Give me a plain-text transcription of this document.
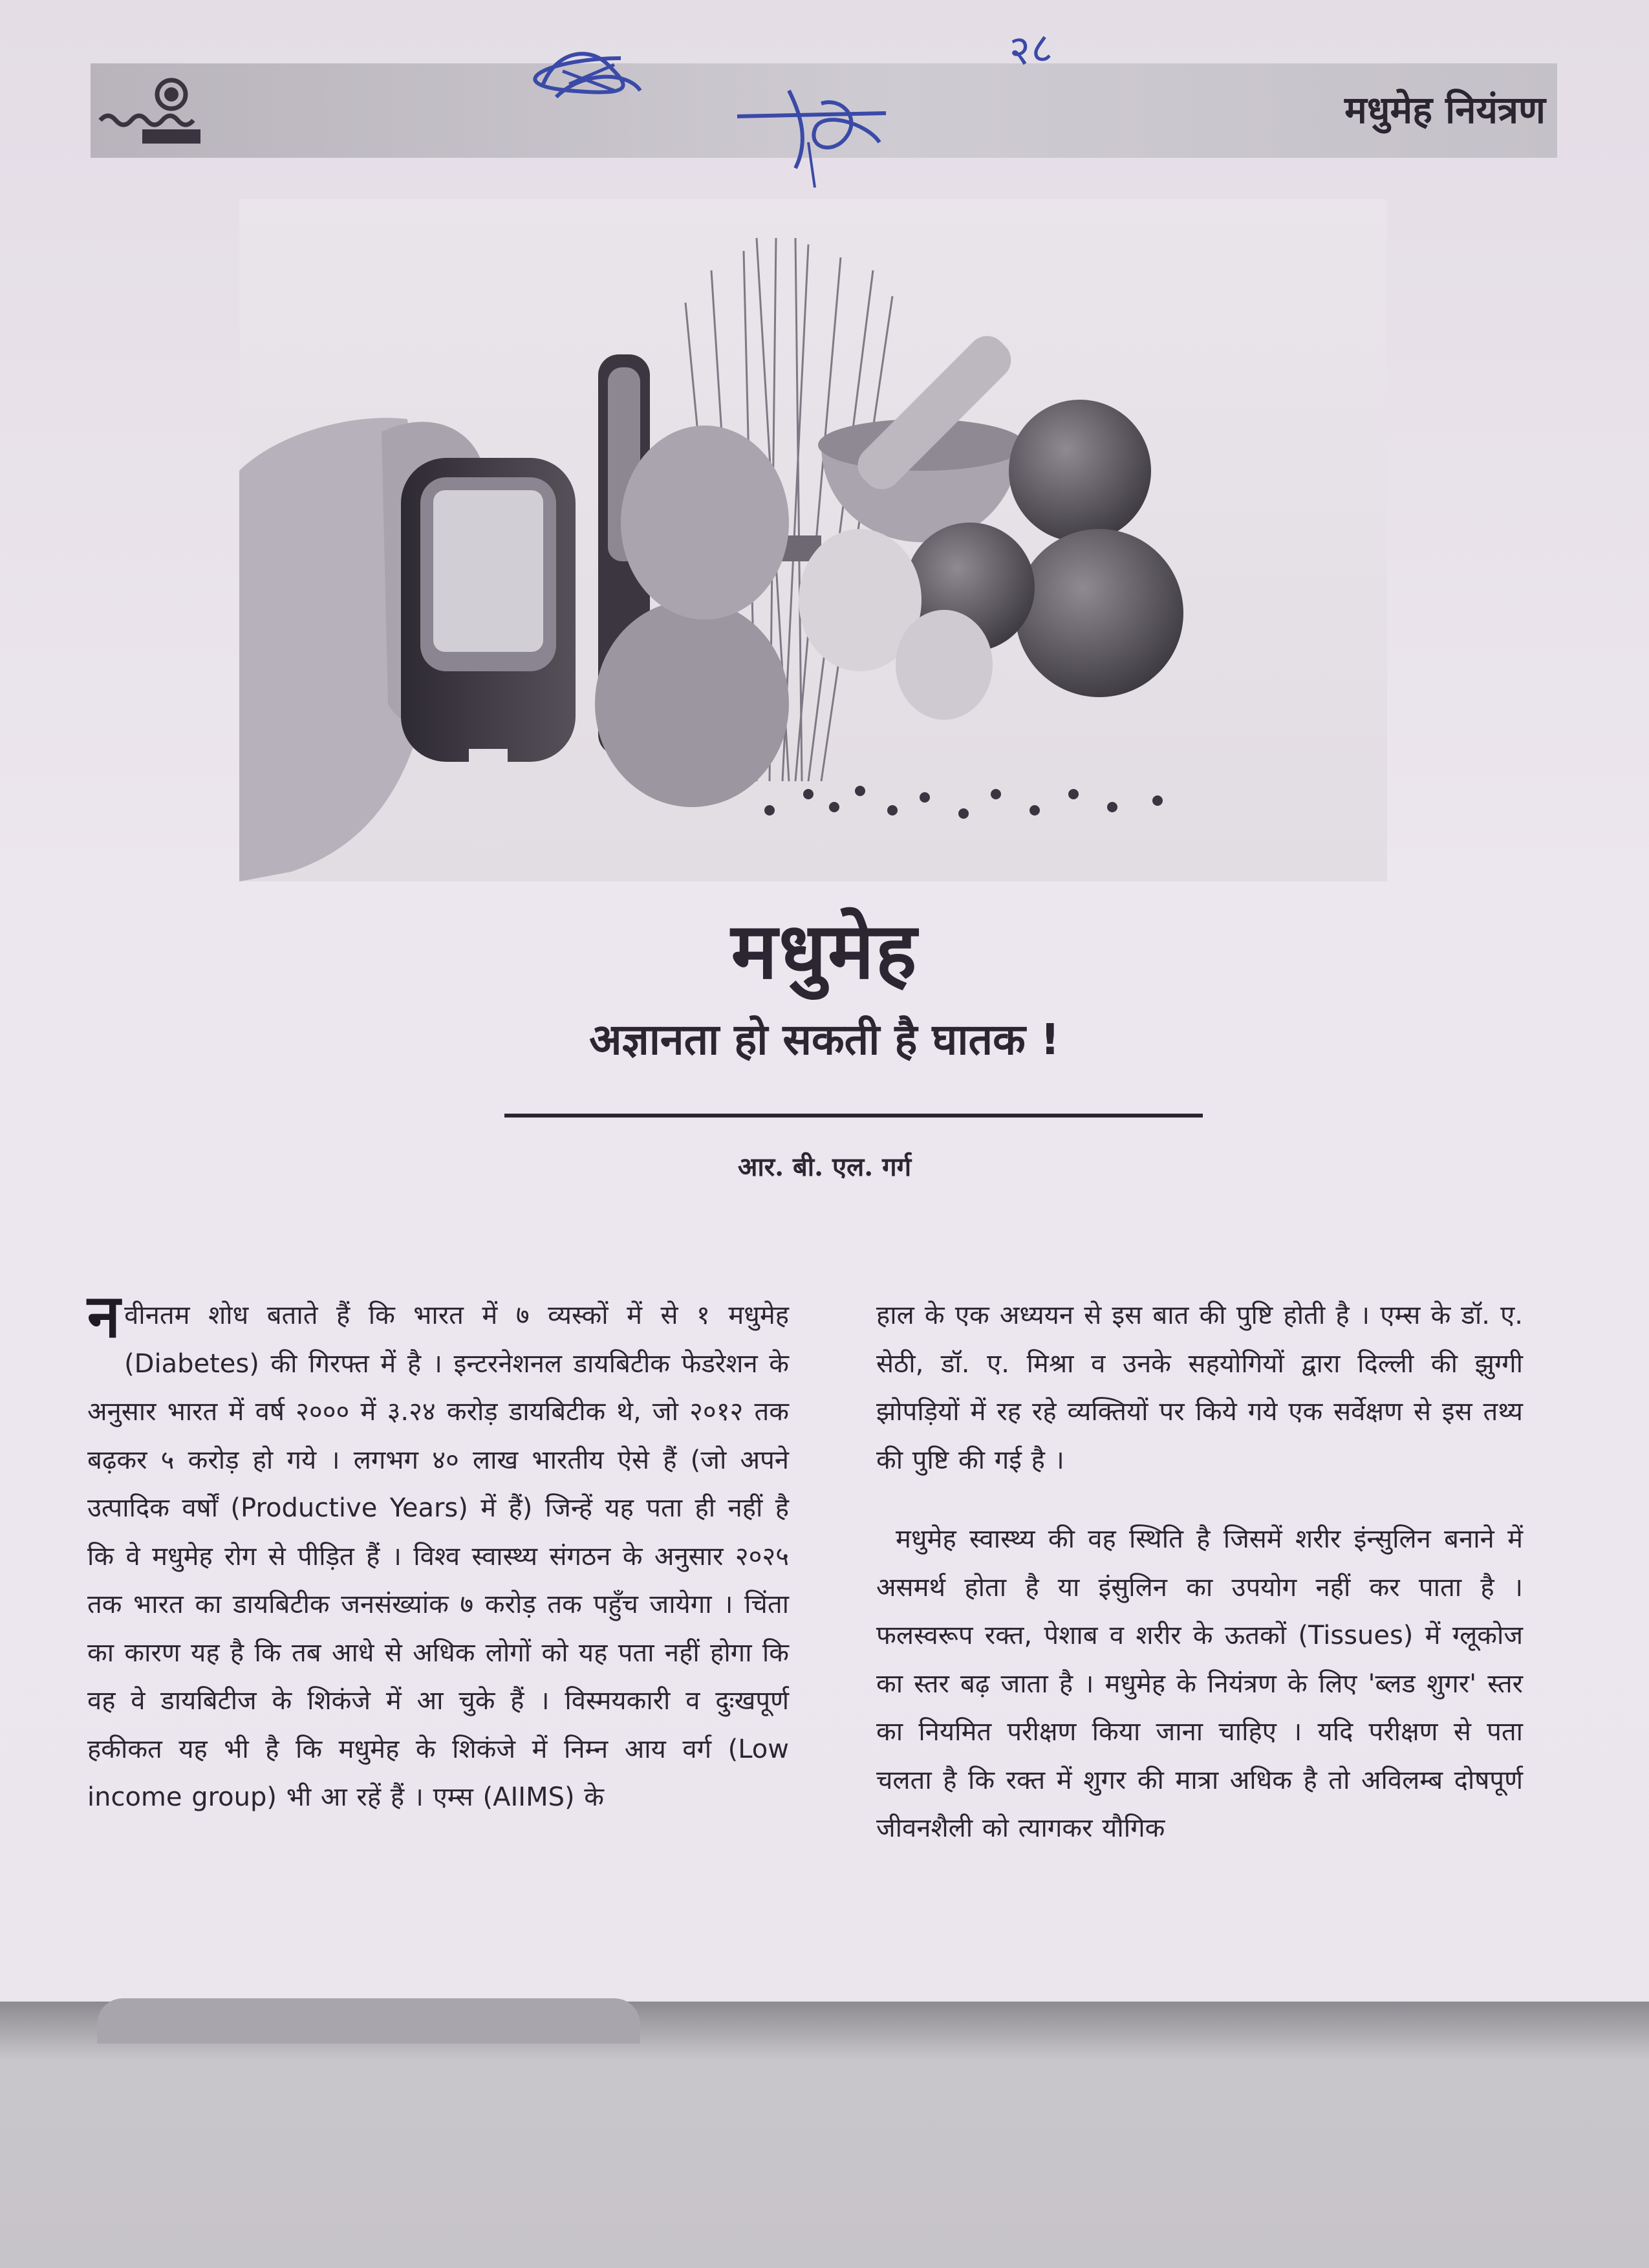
मधुमेह नियंत्रण
२८
मधुमेह
अज्ञानता हो सकती है घातक !
आर. बी. एल. गर्ग

नवीनतम शोध बताते हैं कि भारत में ७ व्यस्कों में से १ मधुमेह (Diabetes) की गिरफ्त में है । इन्टरनेशनल डायबिटीक फेडरेशन के अनुसार भारत में वर्ष २००० में ३.२४ करोड़ डायबिटीक थे, जो २०१२ तक बढ़कर ५ करोड़ हो गये । लगभग ४० लाख भारतीय ऐसे हैं (जो अपने उत्पादिक वर्षों (Productive Years) में हैं) जिन्हें यह पता ही नहीं है कि वे मधुमेह रोग से पीड़ित हैं । विश्व स्वास्थ्य संगठन के अनुसार २०२५ तक भारत का डायबिटीक जनसंख्यांक ७ करोड़ तक पहुँच जायेगा । चिंता का कारण यह है कि तब आधे से अधिक लोगों को यह पता नहीं होगा कि वह वे डायबिटीज के शिकंजे में आ चुके हैं । विस्मयकारी व दुःखपूर्ण हकीकत यह भी है कि मधुमेह के शिकंजे में निम्न आय वर्ग (Low income group) भी आ रहें हैं । एम्स (AIIMS) के

हाल के एक अध्ययन से इस बात की पुष्टि होती है । एम्स के डॉ. ए. सेठी, डॉ. ए. मिश्रा व उनके सहयोगियों द्वारा दिल्ली की झुग्गी झोपड़ियों में रह रहे व्यक्तियों पर किये गये एक सर्वेक्षण से इस तथ्य की पुष्टि की गई है ।

मधुमेह स्वास्थ्य की वह स्थिति है जिसमें शरीर इंन्सुलिन बनाने में असमर्थ होता है या इंसुलिन का उपयोग नहीं कर पाता है । फलस्वरूप रक्त, पेशाब व शरीर के ऊतकों (Tissues) में ग्लूकोज का स्तर बढ़ जाता है । मधुमेह के नियंत्रण के लिए 'ब्लड शुगर' स्तर का नियमित परीक्षण किया जाना चाहिए । यदि परीक्षण से पता चलता है कि रक्त में शुगर की मात्रा अधिक है तो अविलम्ब दोषपूर्ण जीवनशैली को त्यागकर यौगिक
